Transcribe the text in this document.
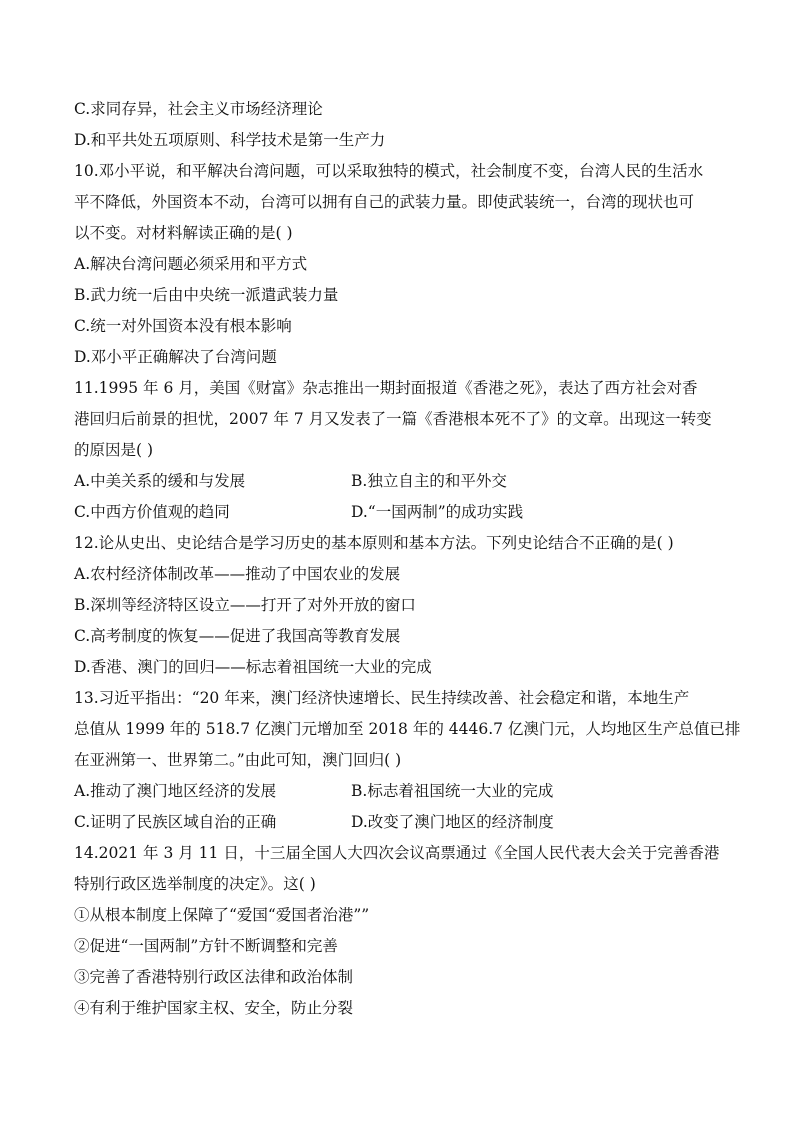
C.求同存异，社会主义市场经济理论
D.和平共处五项原则、科学技术是第一生产力
10.邓小平说，和平解决台湾问题，可以采取独特的模式，社会制度不变，台湾人民的生活水
平不降低，外国资本不动，台湾可以拥有自己的武装力量。即使武装统一，台湾的现状也可
以不变。对材料解读正确的是( )
A.解决台湾问题必须采用和平方式
B.武力统一后由中央统一派遣武装力量
C.统一对外国资本没有根本影响
D.邓小平正确解决了台湾问题
11.1995 年 6 月，美国《财富》杂志推出一期封面报道《香港之死》，表达了西方社会对香
港回归后前景的担忧，2007 年 7 月又发表了一篇《香港根本死不了》的文章。出现这一转变
的原因是( )
A.中美关系的缓和与发展	B.独立自主的和平外交
C.中西方价值观的趋同	D.“一国两制”的成功实践
12.论从史出、史论结合是学习历史的基本原则和基本方法。下列史论结合不正确的是( )
A.农村经济体制改革——推动了中国农业的发展
B.深圳等经济特区设立——打开了对外开放的窗口
C.高考制度的恢复——促进了我国高等教育发展
D.香港、澳门的回归——标志着祖国统一大业的完成
13.习近平指出：“20 年来，澳门经济快速增长、民生持续改善、社会稳定和谐，本地生产
总值从 1999 年的 518.7 亿澳门元增加至 2018 年的 4446.7 亿澳门元，人均地区生产总值已排
在亚洲第一、世界第二。”由此可知，澳门回归( )
A.推动了澳门地区经济的发展	B.标志着祖国统一大业的完成
C.证明了民族区域自治的正确	D.改变了澳门地区的经济制度
14.2021 年 3 月 11 日，十三届全国人大四次会议高票通过《全国人民代表大会关于完善香港
特别行政区选举制度的决定》。这( )
①从根本制度上保障了“爱国“爱国者治港””
②促进“一国两制”方针不断调整和完善
③完善了香港特别行政区法律和政治体制
④有利于维护国家主权、安全，防止分裂
